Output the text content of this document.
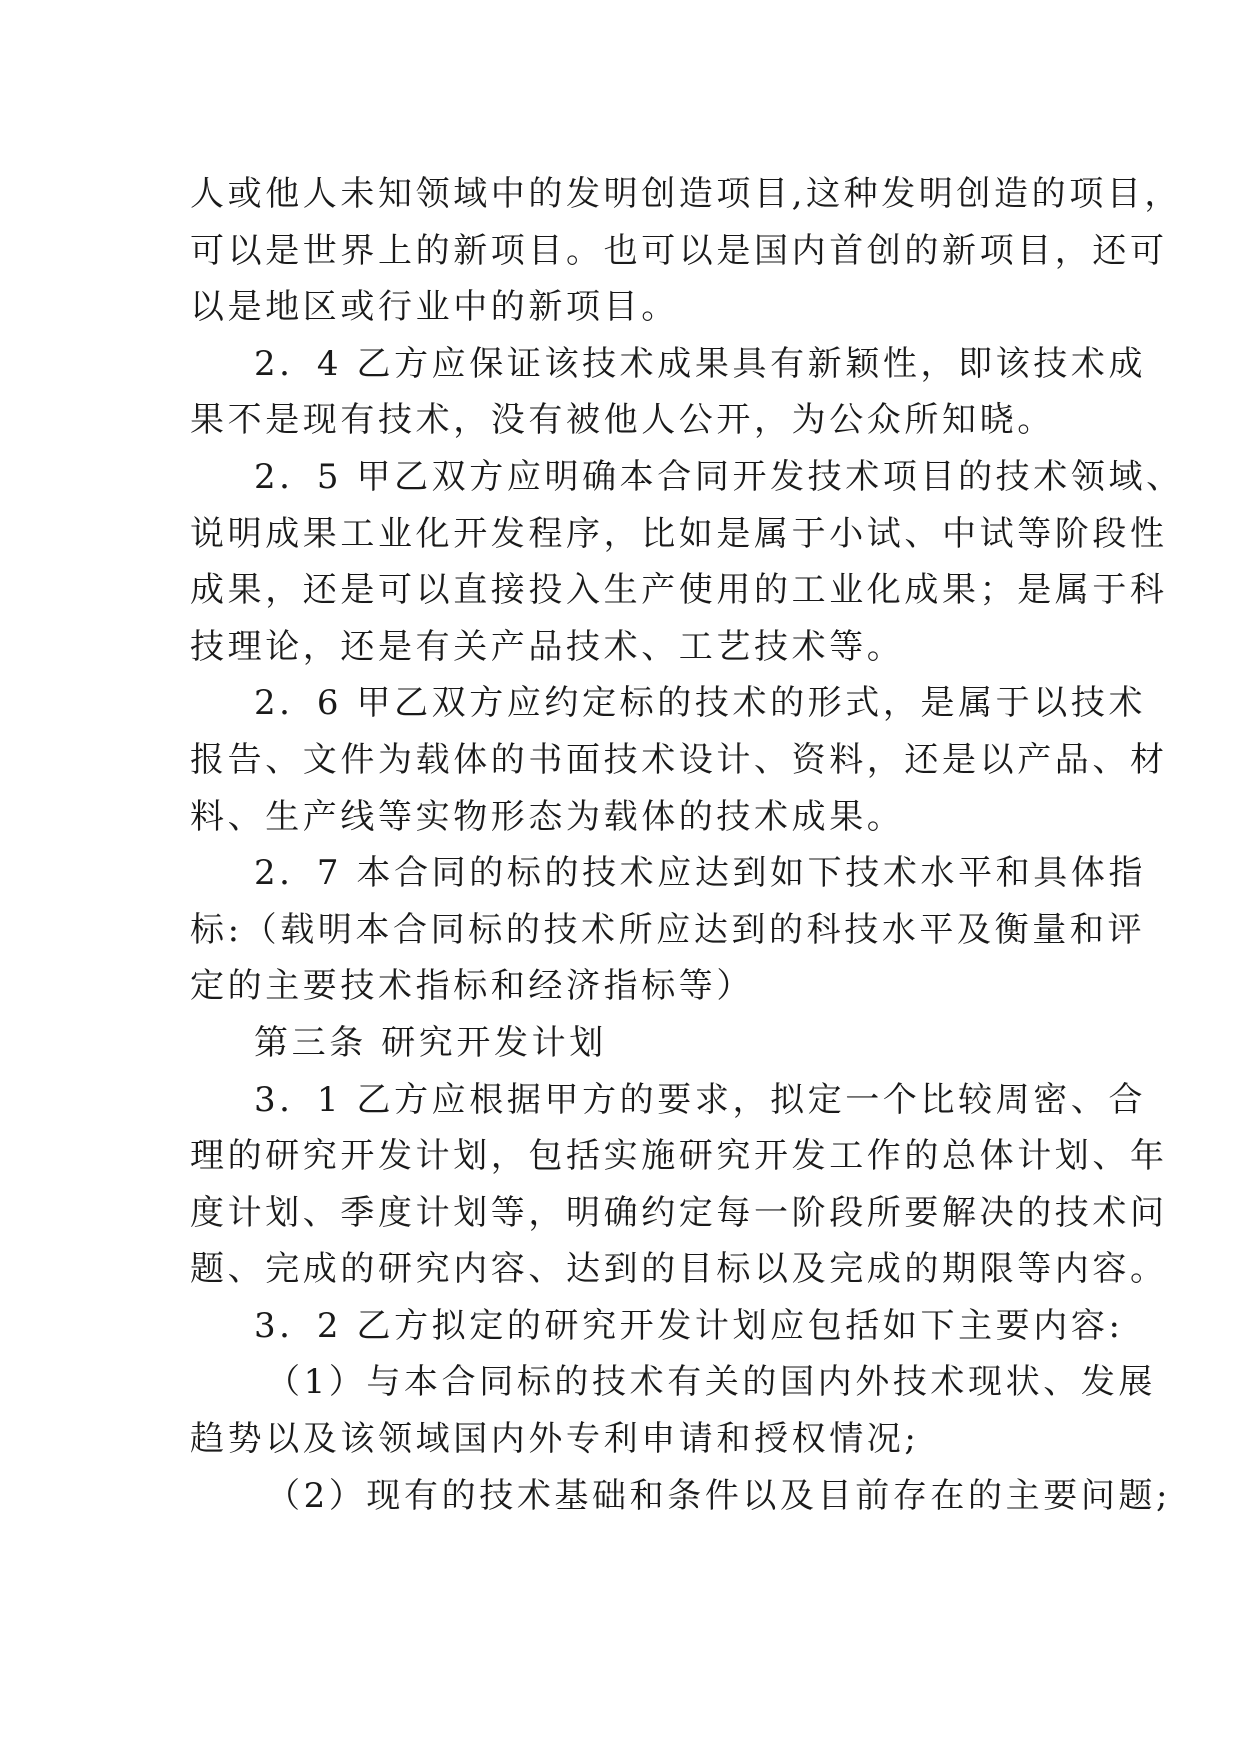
人或他人未知领域中的发明创造项目,这种发明创造的项目，
可以是世界上的新项目。也可以是国内首创的新项目，还可
以是地区或行业中的新项目。
2．4 乙方应保证该技术成果具有新颖性，即该技术成
果不是现有技术，没有被他人公开，为公众所知晓。
2．5 甲乙双方应明确本合同开发技术项目的技术领域、
说明成果工业化开发程序，比如是属于小试、中试等阶段性
成果，还是可以直接投入生产使用的工业化成果；是属于科
技理论，还是有关产品技术、工艺技术等。
2．6 甲乙双方应约定标的技术的形式，是属于以技术
报告、文件为载体的书面技术设计、资料，还是以产品、材
料、生产线等实物形态为载体的技术成果。
2．7 本合同的标的技术应达到如下技术水平和具体指
标:（载明本合同标的技术所应达到的科技水平及衡量和评
定的主要技术指标和经济指标等）
第三条 研究开发计划
3．1 乙方应根据甲方的要求，拟定一个比较周密、合
理的研究开发计划，包括实施研究开发工作的总体计划、年
度计划、季度计划等，明确约定每一阶段所要解决的技术问
题、完成的研究内容、达到的目标以及完成的期限等内容。
3．2 乙方拟定的研究开发计划应包括如下主要内容:
（1）与本合同标的技术有关的国内外技术现状、发展
趋势以及该领域国内外专利申请和授权情况;
（2）现有的技术基础和条件以及目前存在的主要问题;
